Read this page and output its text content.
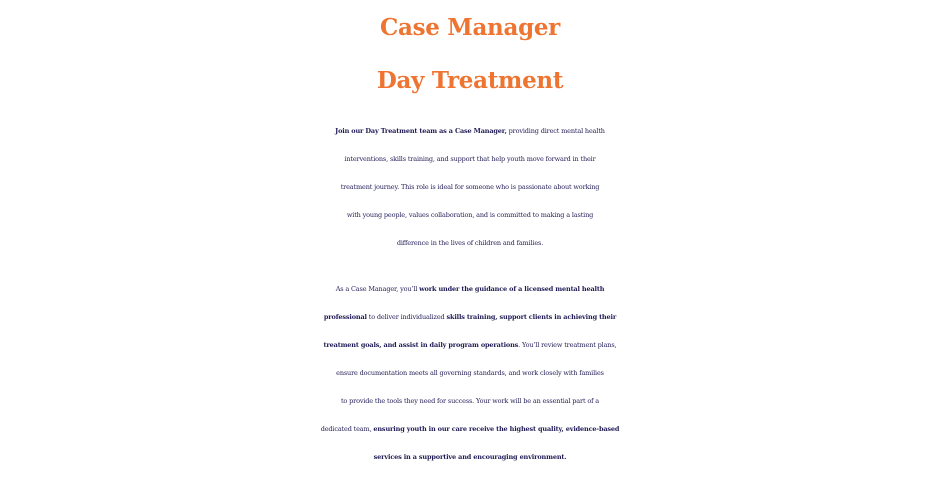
Case Manager
Day Treatment

Join our Day Treatment team as a Case Manager, providing direct mental health
interventions, skills training, and support that help youth move forward in their
treatment journey. This role is ideal for someone who is passionate about working
with young people, values collaboration, and is committed to making a lasting
difference in the lives of children and families.

As a Case Manager, you’ll work under the guidance of a licensed mental health
professional to deliver individualized skills training, support clients in achieving their
treatment goals, and assist in daily program operations. You’ll review treatment plans,
ensure documentation meets all governing standards, and work closely with families
to provide the tools they need for success. Your work will be an essential part of a
dedicated team, ensuring youth in our care receive the highest quality, evidence-based
services in a supportive and encouraging environment.
